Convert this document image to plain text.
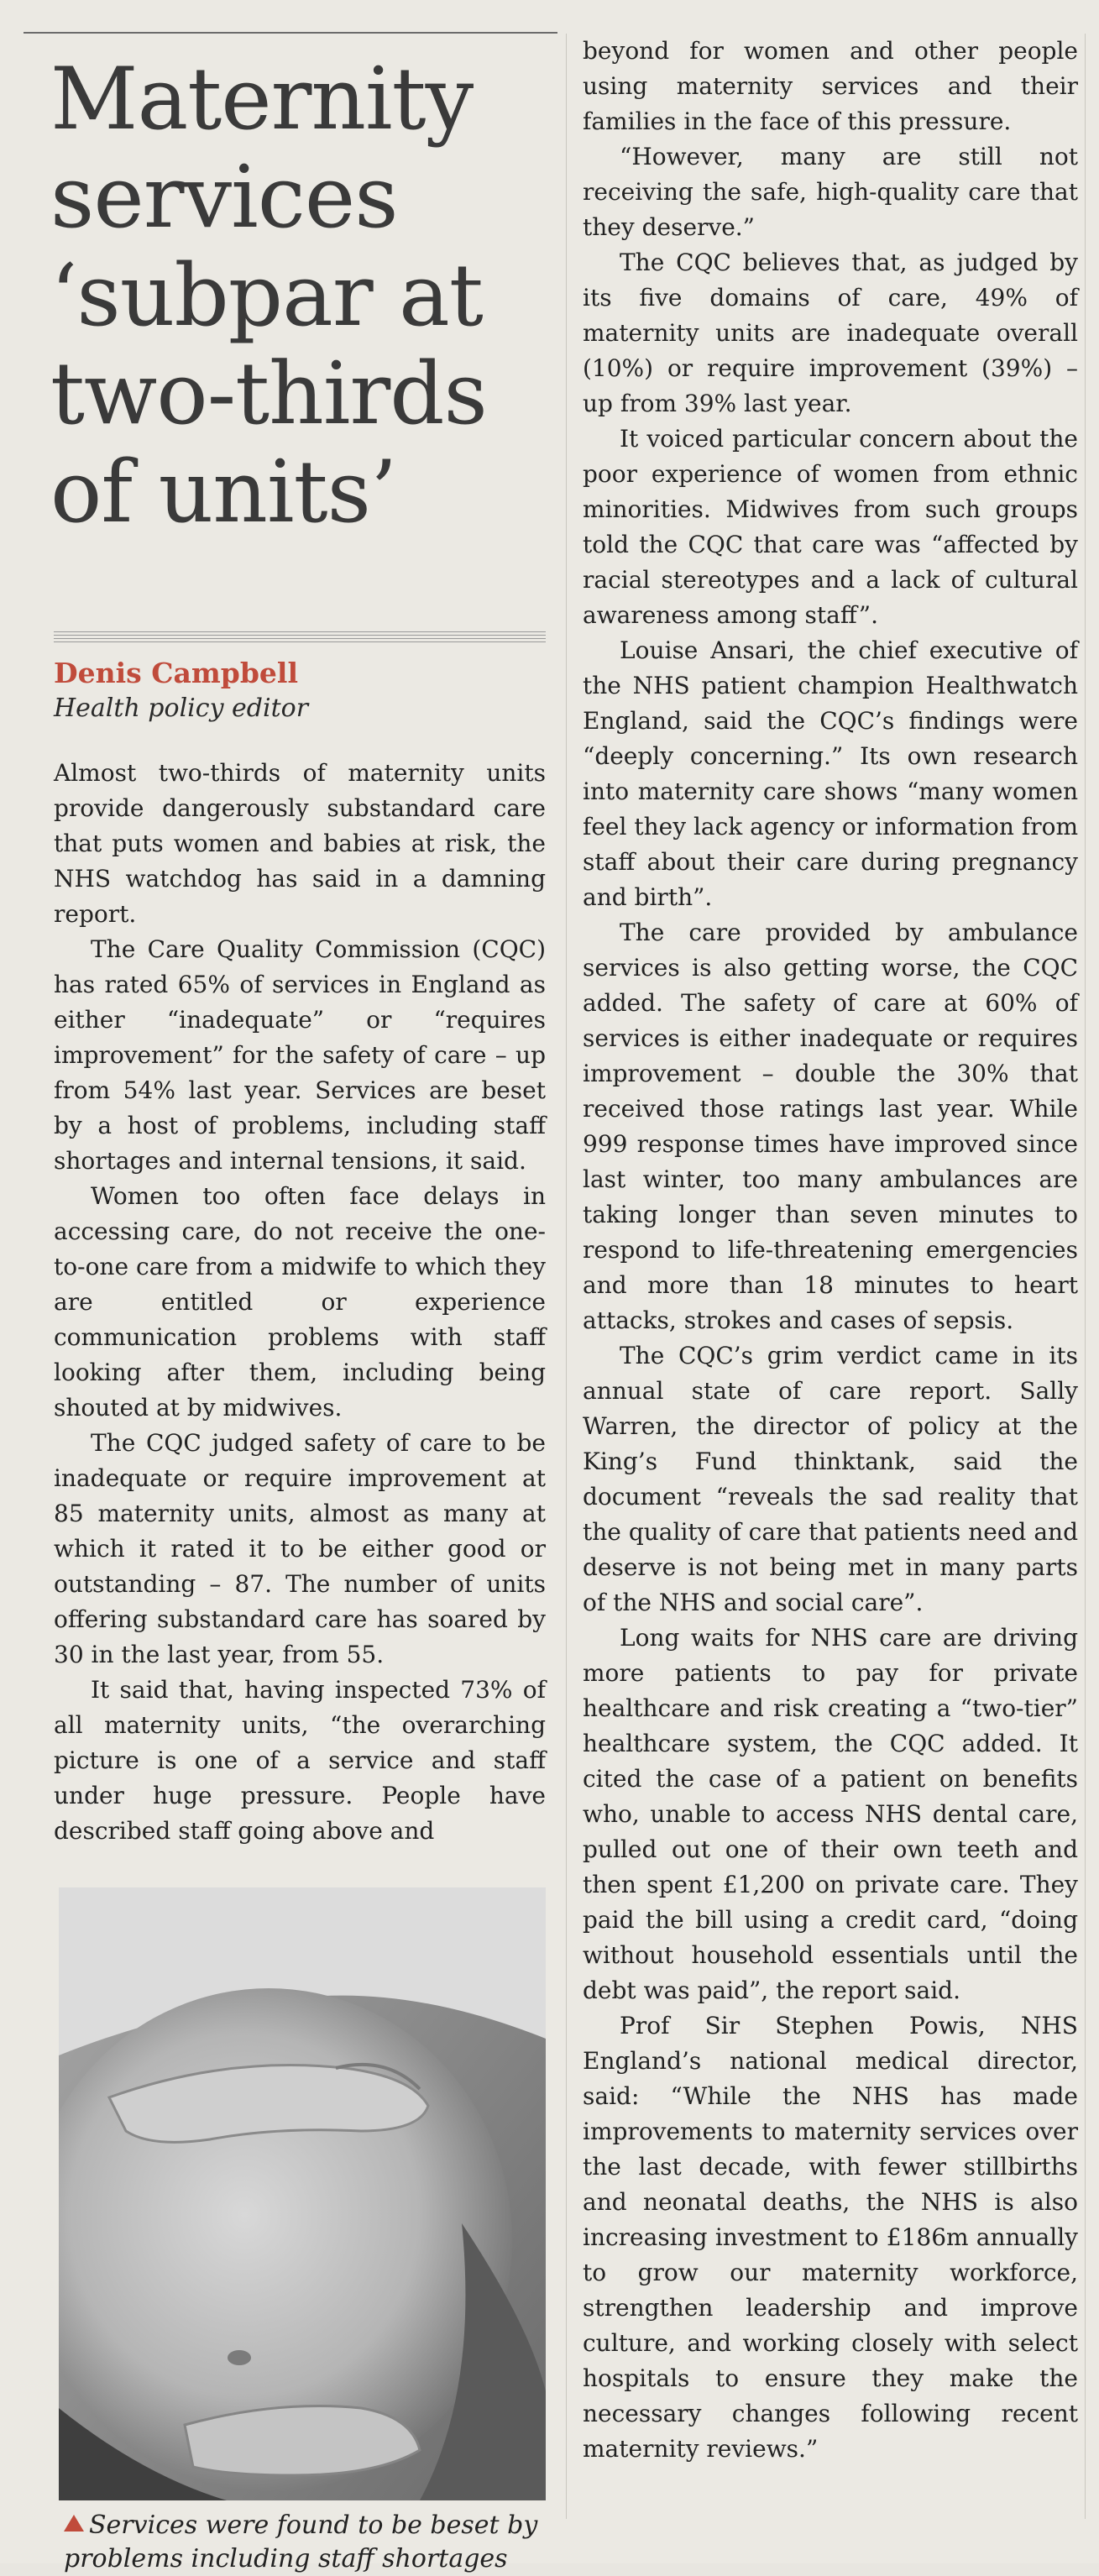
Maternity services ‘subpar at two-thirds of units’
Denis Campbell
Health policy editor

Almost two-thirds of maternity units provide dangerously substandard care that puts women and babies at risk, the NHS watchdog has said in a damning report.

The Care Quality Commission (CQC) has rated 65% of services in England as either “inadequate” or “requires improvement” for the safety of care – up from 54% last year. Services are beset by a host of problems, including staff shortages and internal tensions, it said.

Women too often face delays in accessing care, do not receive the one-to-one care from a midwife to which they are entitled or experience communication problems with staff looking after them, including being shouted at by midwives.

The CQC judged safety of care to be inadequate or require improvement at 85 maternity units, almost as many at which it rated it to be either good or outstanding – 87. The number of units offering substandard care has soared by 30 in the last year, from 55.

It said that, having inspected 73% of all maternity units, “the overarching picture is one of a service and staff under huge pressure. People have described staff going above and

Services were found to be beset by problems including staff shortages

beyond for women and other people using maternity services and their families in the face of this pressure.

“However, many are still not receiving the safe, high-quality care that they deserve.”

The CQC believes that, as judged by its five domains of care, 49% of maternity units are inadequate overall (10%) or require improvement (39%) – up from 39% last year.

It voiced particular concern about the poor experience of women from ethnic minorities. Midwives from such groups told the CQC that care was “affected by racial stereotypes and a lack of cultural awareness among staff”.

Louise Ansari, the chief executive of the NHS patient champion Healthwatch England, said the CQC’s findings were “deeply concerning.” Its own research into maternity care shows “many women feel they lack agency or information from staff about their care during pregnancy and birth”.

The care provided by ambulance services is also getting worse, the CQC added. The safety of care at 60% of services is either inadequate or requires improvement – double the 30% that received those ratings last year. While 999 response times have improved since last winter, too many ambulances are taking longer than seven minutes to respond to life-threatening emergencies and more than 18 minutes to heart attacks, strokes and cases of sepsis.

The CQC’s grim verdict came in its annual state of care report. Sally Warren, the director of policy at the King’s Fund thinktank, said the document “reveals the sad reality that the quality of care that patients need and deserve is not being met in many parts of the NHS and social care”.

Long waits for NHS care are driving more patients to pay for private healthcare and risk creating a “two-tier” healthcare system, the CQC added. It cited the case of a patient on benefits who, unable to access NHS dental care, pulled out one of their own teeth and then spent £1,200 on private care. They paid the bill using a credit card, “doing without household essentials until the debt was paid”, the report said.

Prof Sir Stephen Powis, NHS England’s national medical director, said: “While the NHS has made improvements to maternity services over the last decade, with fewer stillbirths and neonatal deaths, the NHS is also increasing investment to £186m annually to grow our maternity workforce, strengthen leadership and improve culture, and working closely with select hospitals to ensure they make the necessary changes following recent maternity reviews.”
